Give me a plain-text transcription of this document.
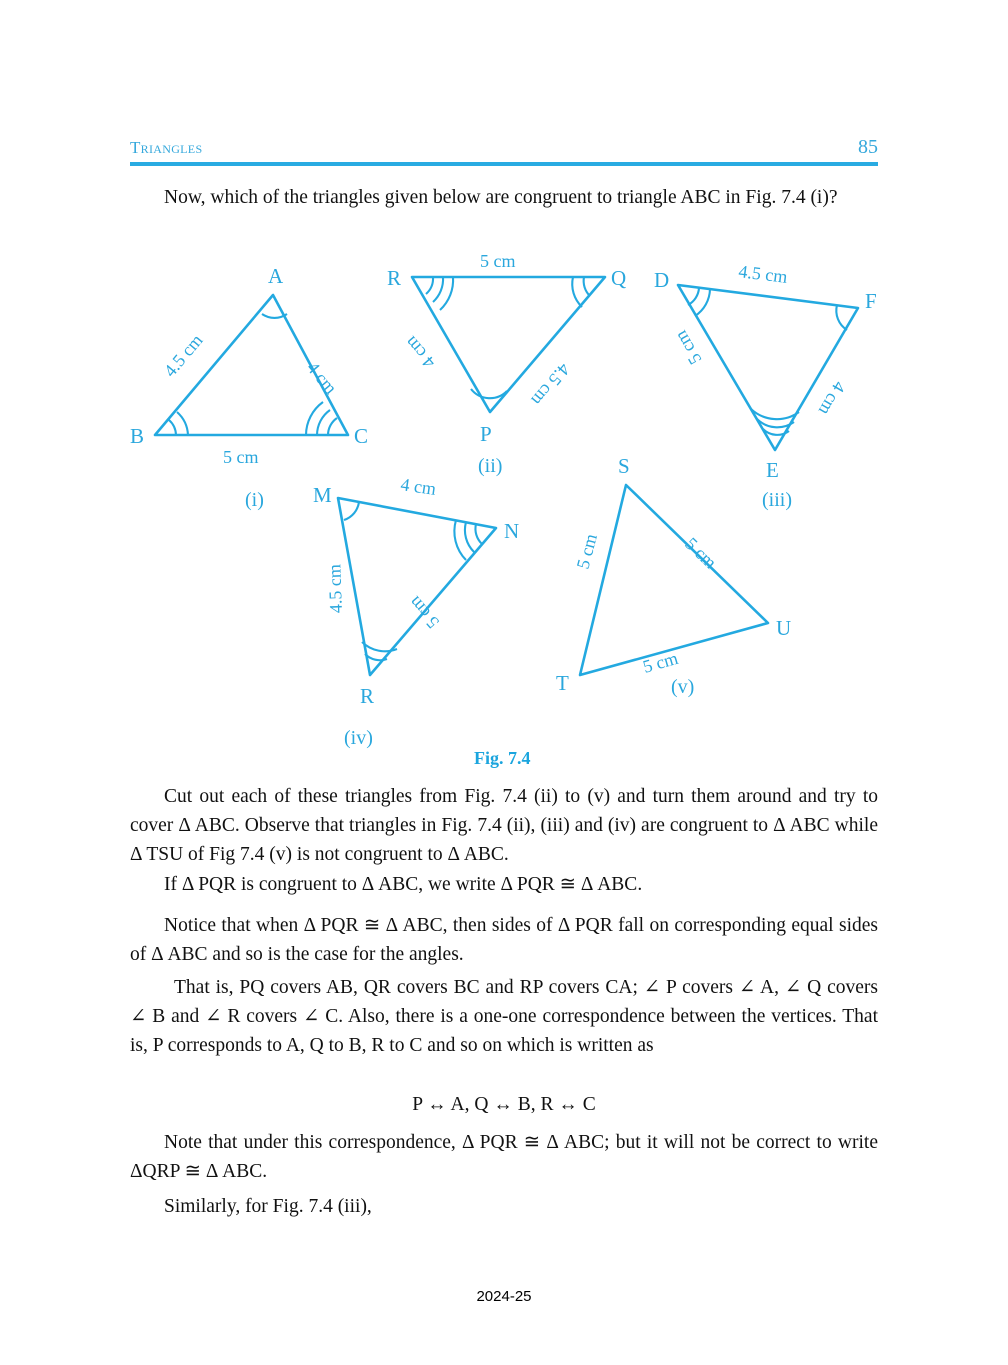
Triangles	85
Now, which of the triangles given below are congruent to triangle ABC in Fig. 7.4 (i)?
A
B	C
4.5 cm	4 cm
5 cm
(i)
R	Q
P
5 cm
4 cm
4.5 cm
(ii)
D
F
E
4.5 cm
5 cm
4 cm
(iii)
M
N
R
4 cm
4.5 cm	5 cm
(iv)
S
U
T
5 cm
5 cm
5 cm
(v)
Fig. 7.4
Cut out each of these triangles from Fig. 7.4 (ii) to (v) and turn them around and try to cover Δ ABC. Observe that triangles in Fig. 7.4 (ii), (iii) and (iv) are congruent to Δ ABC while Δ TSU of Fig 7.4 (v) is not congruent to Δ ABC.
If Δ PQR is congruent to Δ ABC, we write Δ PQR ≅ Δ ABC.
Notice that when Δ PQR ≅ Δ ABC, then sides of Δ PQR fall on corresponding equal sides of Δ ABC and so is the case for the angles.
That is, PQ covers AB, QR covers BC and RP covers CA; ∠ P covers ∠ A, ∠ Q covers ∠ B and ∠ R covers ∠ C. Also, there is a one-one correspondence between the vertices. That is, P corresponds to A, Q to B, R to C and so on which is written as
P ↔ A, Q ↔ B, R ↔ C
Note that under this correspondence, Δ PQR ≅ Δ ABC; but it will not be correct to write ΔQRP ≅ Δ ABC.
Similarly, for Fig. 7.4 (iii),
2024-25
